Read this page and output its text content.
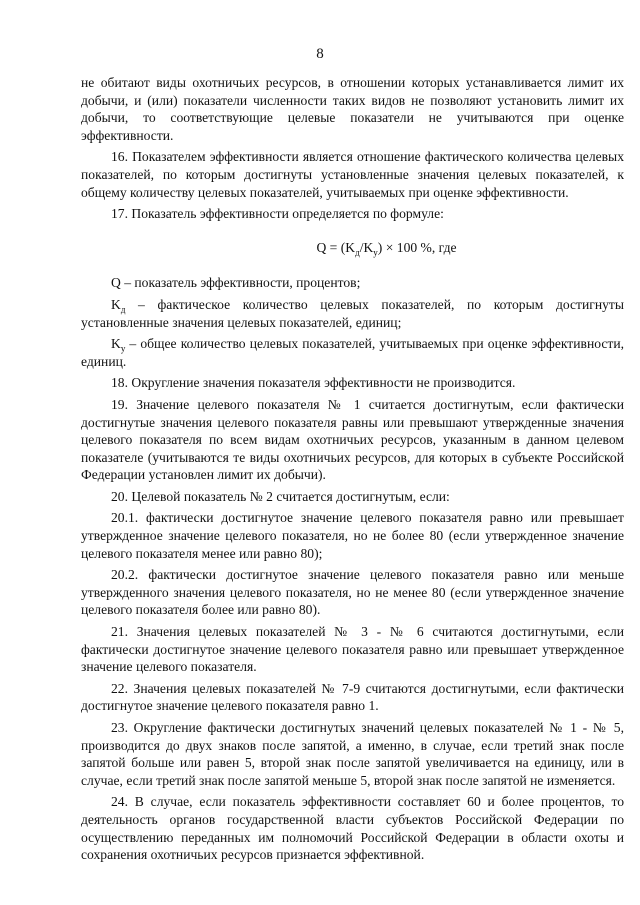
8

не обитают виды охотничьих ресурсов, в отношении которых устанавливается лимит их добычи, и (или) показатели численности таких видов не позволяют установить лимит их добычи, то соответствующие целевые показатели не учитываются при оценке эффективности.

16. Показателем эффективности является отношение фактического количества целевых показателей, по которым достигнуты установленные значения целевых показателей, к общему количеству целевых показателей, учитываемых при оценке эффективности.

17. Показатель эффективности определяется по формуле:

$Q = (K_д/K_у) \times 100$ %, где

Q – показатель эффективности, процентов;

$K_д$ – фактическое количество целевых показателей, по которым достигнуты установленные значения целевых показателей, единиц;

$K_у$ – общее количество целевых показателей, учитываемых при оценке эффективности, единиц.

18. Округление значения показателя эффективности не производится.

19. Значение целевого показателя № 1 считается достигнутым, если фактически достигнутые значения целевого показателя равны или превышают утвержденные значения целевого показателя по всем видам охотничьих ресурсов, указанным в данном целевом показателе (учитываются те виды охотничьих ресурсов, для которых в субъекте Российской Федерации установлен лимит их добычи).

20. Целевой показатель № 2 считается достигнутым, если:

20.1. фактически достигнутое значение целевого показателя равно или превышает утвержденное значение целевого показателя, но не более 80 (если утвержденное значение целевого показателя менее или равно 80);

20.2. фактически достигнутое значение целевого показателя равно или меньше утвержденного значения целевого показателя, но не менее 80 (если утвержденное значение целевого показателя более или равно 80).

21. Значения целевых показателей № 3 - № 6 считаются достигнутыми, если фактически достигнутое значение целевого показателя равно или превышает утвержденное значение целевого показателя.

22. Значения целевых показателей № 7-9 считаются достигнутыми, если фактически достигнутое значение целевого показателя равно 1.

23. Округление фактически достигнутых значений целевых показателей № 1 - № 5, производится до двух знаков после запятой, а именно, в случае, если третий знак после запятой больше или равен 5, второй знак после запятой увеличивается на единицу, или в случае, если третий знак после запятой меньше 5, второй знак после запятой не изменяется.

24. В случае, если показатель эффективности составляет 60 и более процентов, то деятельность органов государственной власти субъектов Российской Федерации по осуществлению переданных им полномочий Российской Федерации в области охоты и сохранения охотничьих ресурсов признается эффективной.
